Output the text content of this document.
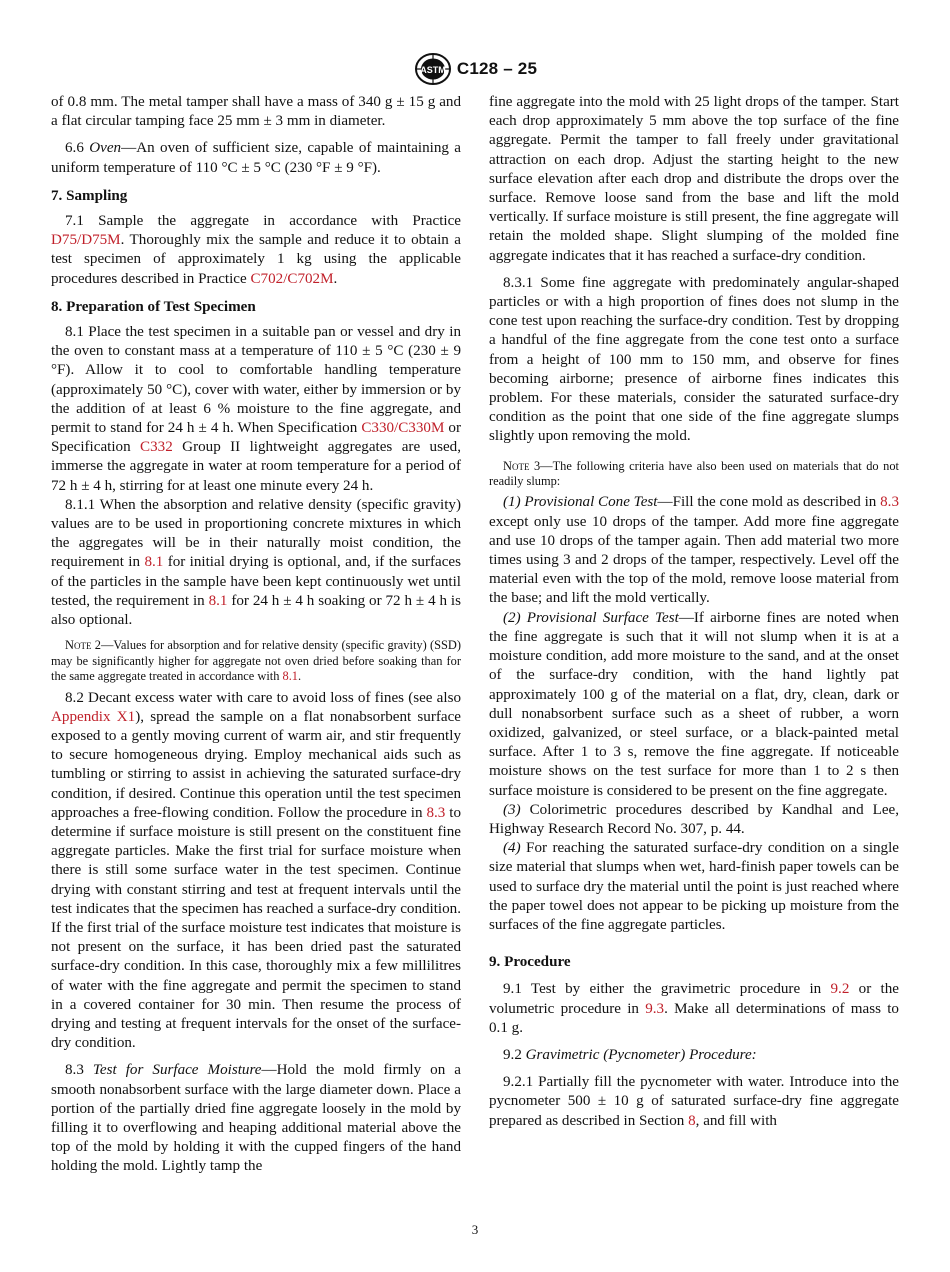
ASTM C128 – 25

of 0.8 mm. The metal tamper shall have a mass of 340 g ± 15 g and a flat circular tamping face 25 mm ± 3 mm in diameter.

6.6 Oven—An oven of sufficient size, capable of maintaining a uniform temperature of 110 °C ± 5 °C (230 °F ± 9 °F).

7. Sampling

7.1 Sample the aggregate in accordance with Practice D75/D75M. Thoroughly mix the sample and reduce it to obtain a test specimen of approximately 1 kg using the applicable procedures described in Practice C702/C702M.

8. Preparation of Test Specimen

8.1 Place the test specimen in a suitable pan or vessel and dry in the oven to constant mass at a temperature of 110 ± 5 °C (230 ± 9 °F). Allow it to cool to comfortable handling temperature (approximately 50 °C), cover with water, either by immersion or by the addition of at least 6 % moisture to the fine aggregate, and permit to stand for 24 h ± 4 h. When Specification C330/C330M or Specification C332 Group II lightweight aggregates are used, immerse the aggregate in water at room temperature for a period of 72 h ± 4 h, stirring for at least one minute every 24 h.

8.1.1 When the absorption and relative density (specific gravity) values are to be used in proportioning concrete mixtures in which the aggregates will be in their naturally moist condition, the requirement in 8.1 for initial drying is optional, and, if the surfaces of the particles in the sample have been kept continuously wet until tested, the requirement in 8.1 for 24 h ± 4 h soaking or 72 h ± 4 h is also optional.

Note 2—Values for absorption and for relative density (specific gravity) (SSD) may be significantly higher for aggregate not oven dried before soaking than for the same aggregate treated in accordance with 8.1.

8.2 Decant excess water with care to avoid loss of fines (see also Appendix X1), spread the sample on a flat nonabsorbent surface exposed to a gently moving current of warm air, and stir frequently to secure homogeneous drying. Employ mechanical aids such as tumbling or stirring to assist in achieving the saturated surface-dry condition, if desired. Continue this operation until the test specimen approaches a free-flowing condition. Follow the procedure in 8.3 to determine if surface moisture is still present on the constituent fine aggregate particles. Make the first trial for surface moisture when there is still some surface water in the test specimen. Continue drying with constant stirring and test at frequent intervals until the test indicates that the specimen has reached a surface-dry condition. If the first trial of the surface moisture test indicates that moisture is not present on the surface, it has been dried past the saturated surface-dry condition. In this case, thoroughly mix a few millilitres of water with the fine aggregate and permit the specimen to stand in a covered container for 30 min. Then resume the process of drying and testing at frequent intervals for the onset of the surface-dry condition.

8.3 Test for Surface Moisture—Hold the mold firmly on a smooth nonabsorbent surface with the large diameter down. Place a portion of the partially dried fine aggregate loosely in the mold by filling it to overflowing and heaping additional material above the top of the mold by holding it with the cupped fingers of the hand holding the mold. Lightly tamp the

fine aggregate into the mold with 25 light drops of the tamper. Start each drop approximately 5 mm above the top surface of the fine aggregate. Permit the tamper to fall freely under gravitational attraction on each drop. Adjust the starting height to the new surface elevation after each drop and distribute the drops over the surface. Remove loose sand from the base and lift the mold vertically. If surface moisture is still present, the fine aggregate will retain the molded shape. Slight slumping of the molded fine aggregate indicates that it has reached a surface-dry condition.

8.3.1 Some fine aggregate with predominately angular-shaped particles or with a high proportion of fines does not slump in the cone test upon reaching the surface-dry condition. Test by dropping a handful of the fine aggregate from the cone test onto a surface from a height of 100 mm to 150 mm, and observe for fines becoming airborne; presence of airborne fines indicates this problem. For these materials, consider the saturated surface-dry condition as the point that one side of the fine aggregate slumps slightly upon removing the mold.

Note 3—The following criteria have also been used on materials that do not readily slump:

(1) Provisional Cone Test—Fill the cone mold as described in 8.3 except only use 10 drops of the tamper. Add more fine aggregate and use 10 drops of the tamper again. Then add material two more times using 3 and 2 drops of the tamper, respectively. Level off the material even with the top of the mold, remove loose material from the base; and lift the mold vertically.

(2) Provisional Surface Test—If airborne fines are noted when the fine aggregate is such that it will not slump when it is at a moisture condition, add more moisture to the sand, and at the onset of the surface-dry condition, with the hand lightly pat approximately 100 g of the material on a flat, dry, clean, dark or dull nonabsorbent surface such as a sheet of rubber, a worn oxidized, galvanized, or steel surface, or a black-painted metal surface. After 1 to 3 s, remove the fine aggregate. If noticeable moisture shows on the test surface for more than 1 to 2 s then surface moisture is considered to be present on the fine aggregate.

(3) Colorimetric procedures described by Kandhal and Lee, Highway Research Record No. 307, p. 44.

(4) For reaching the saturated surface-dry condition on a single size material that slumps when wet, hard-finish paper towels can be used to surface dry the material until the point is just reached where the paper towel does not appear to be picking up moisture from the surfaces of the fine aggregate particles.

9. Procedure

9.1 Test by either the gravimetric procedure in 9.2 or the volumetric procedure in 9.3. Make all determinations of mass to 0.1 g.

9.2 Gravimetric (Pycnometer) Procedure:

9.2.1 Partially fill the pycnometer with water. Introduce into the pycnometer 500 ± 10 g of saturated surface-dry fine aggregate prepared as described in Section 8, and fill with

3
